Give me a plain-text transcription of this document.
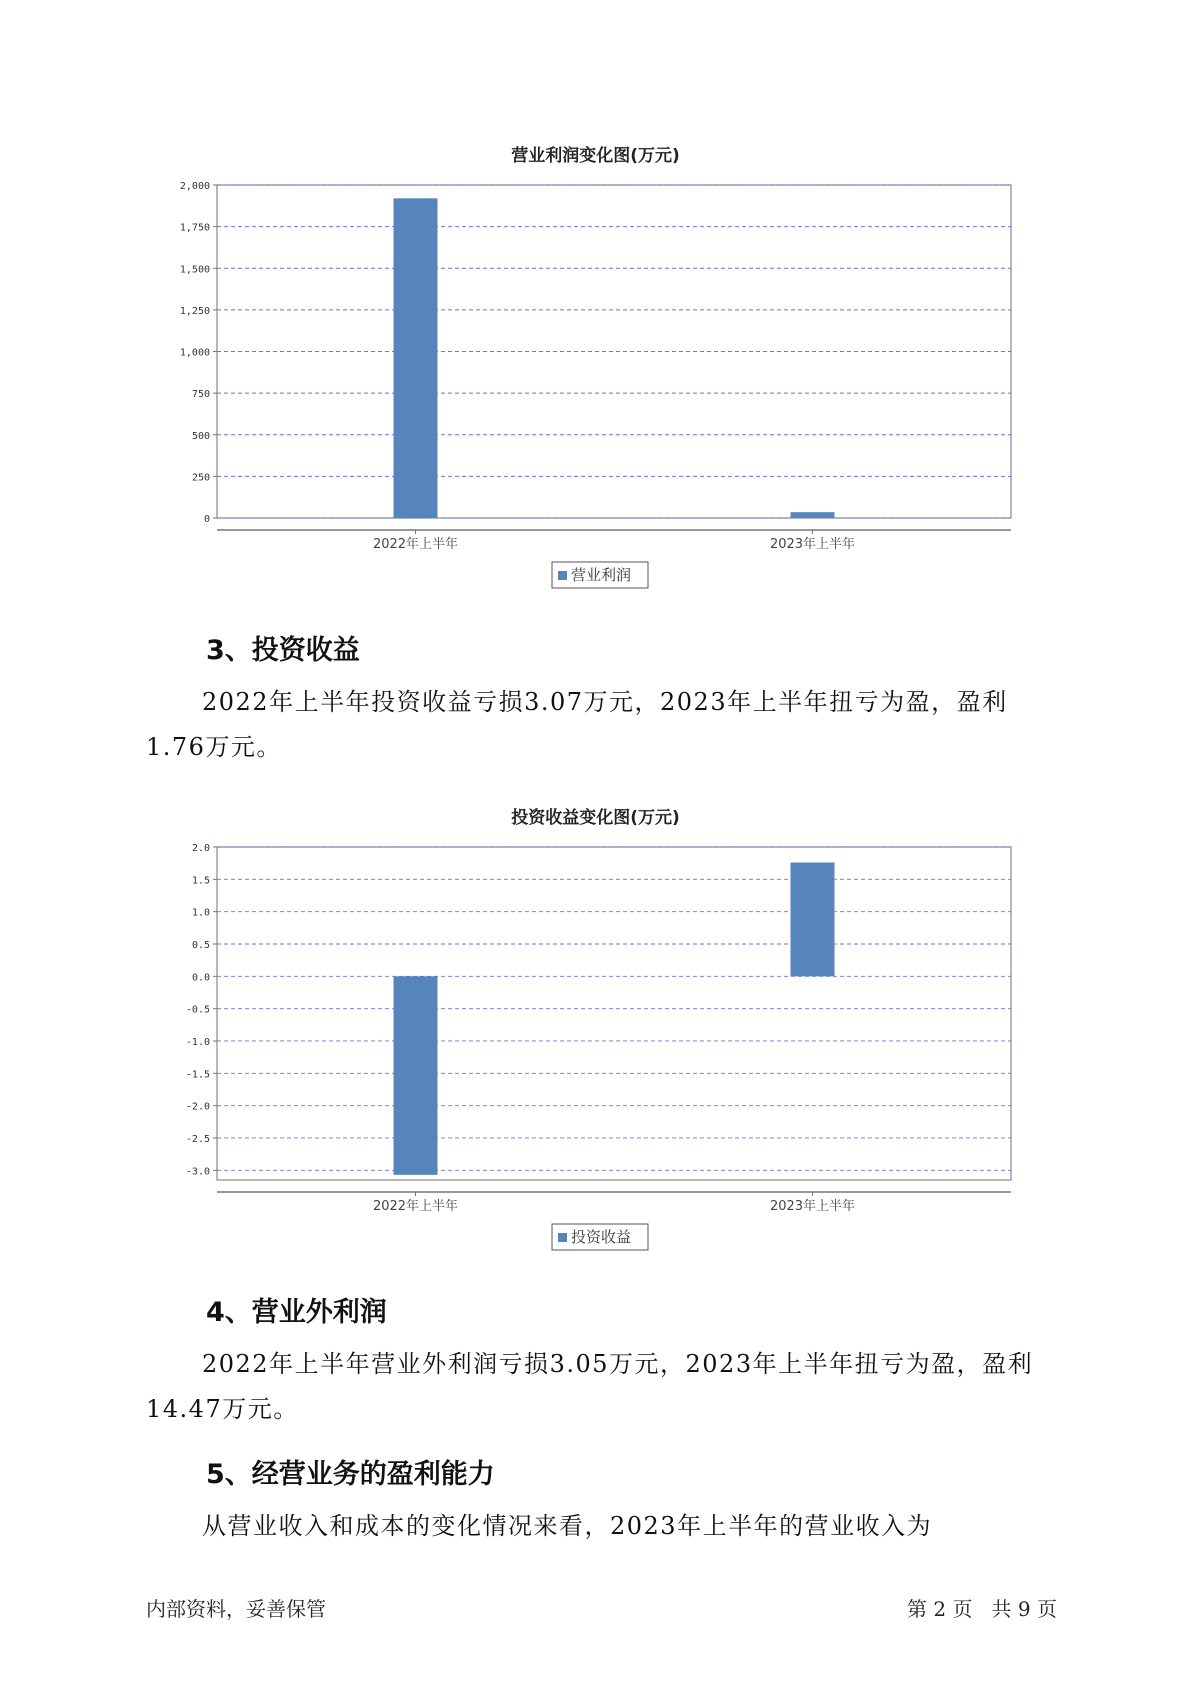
营业利润变化图(万元)
0
250
500
750
1,000
1,250
1,500
1,750
2,000
2022年上半年	2023年上半年
营业利润
3、投资收益
2022年上半年投资收益亏损3.07万元，2023年上半年扭亏为盈，盈利1.76万元。
投资收益变化图(万元)
-3.0
-2.5
-2.0
-1.5
-1.0
-0.5
0.0
0.5
1.0
1.5
2.0
2022年上半年	2023年上半年
投资收益
4、营业外利润
2022年上半年营业外利润亏损3.05万元，2023年上半年扭亏为盈，盈利14.47万元。
5、经营业务的盈利能力
从营业收入和成本的变化情况来看，2023年上半年的营业收入为
内部资料，妥善保管	第 2 页   共 9 页
